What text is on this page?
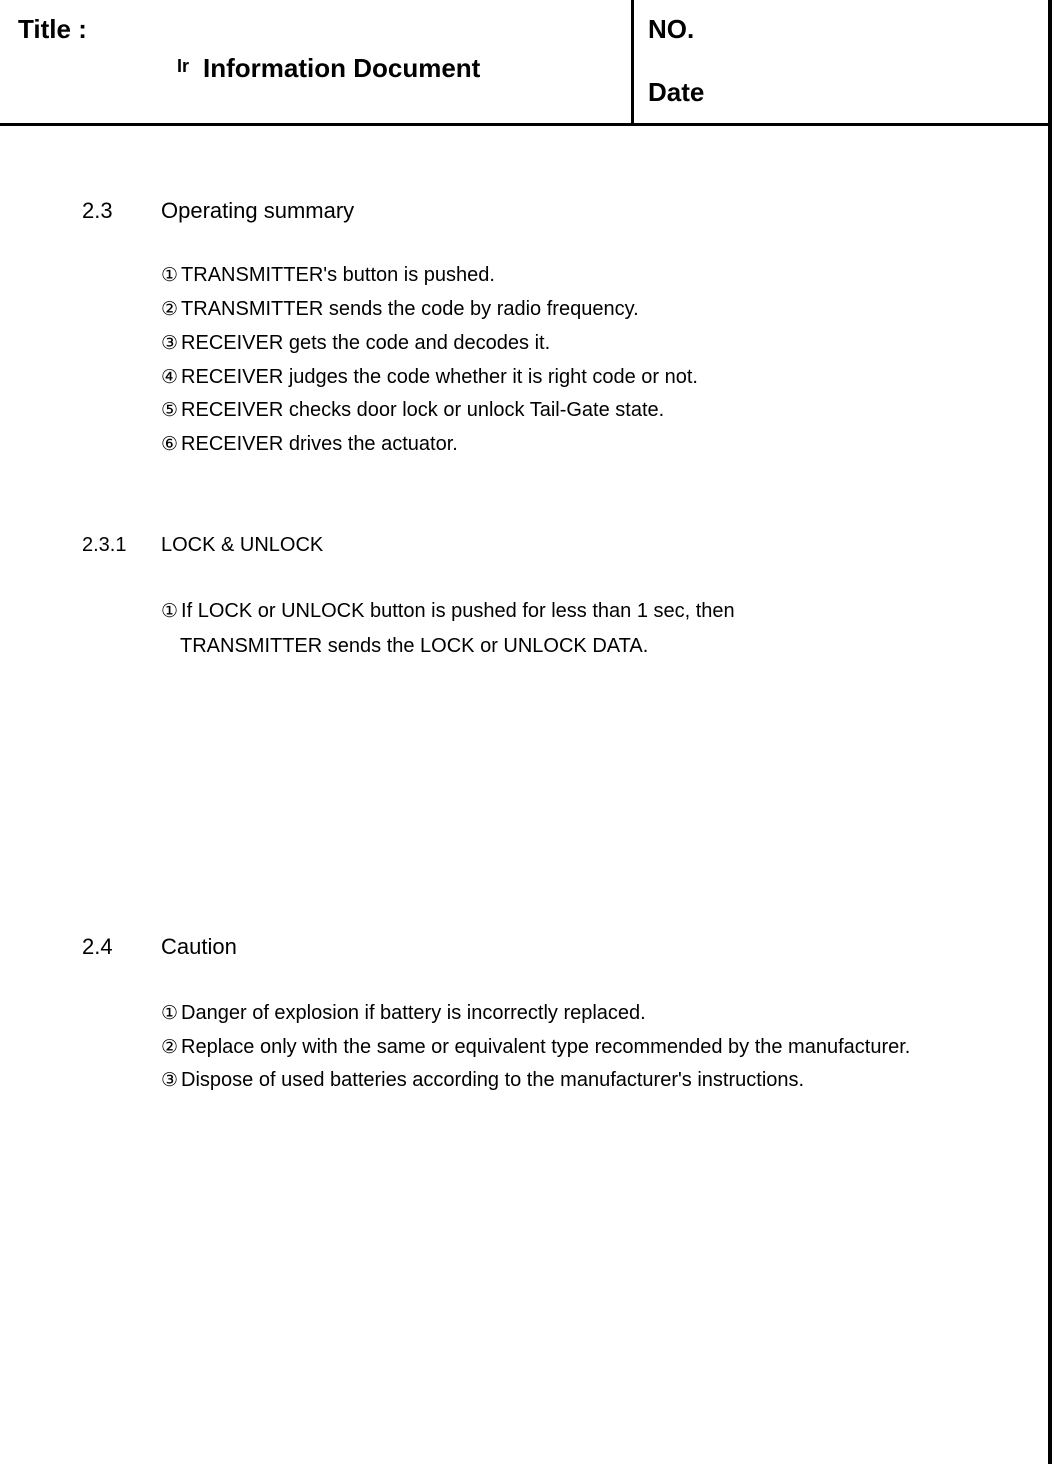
Title :
Ir Information Document
NO.
Date
2.3 Operating summary
① TRANSMITTER's button is pushed.
② TRANSMITTER sends the code by radio frequency.
③ RECEIVER gets the code and decodes it.
④ RECEIVER judges the code whether it is right code or not.
⑤ RECEIVER checks door lock or unlock Tail-Gate state.
⑥ RECEIVER drives the actuator.
2.3.1 LOCK & UNLOCK
① If LOCK or UNLOCK button is pushed for less than 1 sec, then
TRANSMITTER sends the LOCK or UNLOCK DATA.
2.4 Caution
① Danger of explosion if battery is incorrectly replaced.
② Replace only with the same or equivalent type recommended by the manufacturer.
③ Dispose of used batteries according to the manufacturer's instructions.
